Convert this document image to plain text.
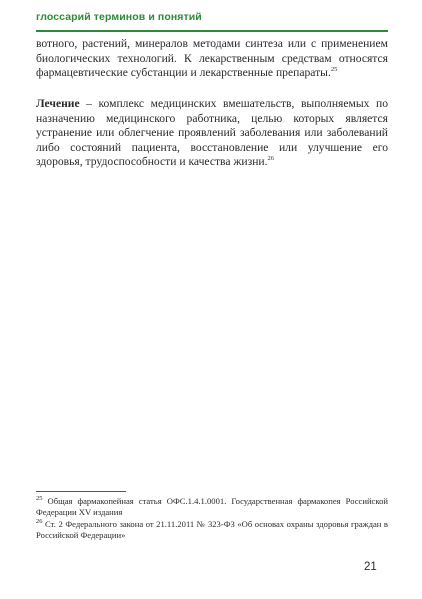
глоссарий терминов и понятий

вотного, растений, минералов методами синтеза или с применением биологических технологий. К лекарственным средствам относятся фармацевтические субстанции и лекарственные препараты.$^{25}$

Лечение – комплекс медицинских вмешательств, выполняемых по назначению медицинского работника, целью которых является устранение или облегчение проявлений заболевания или заболеваний либо состояний пациента, восстановление или улучшение его здоровья, трудоспособности и качества жизни.$^{26}$

$^{25}$ Общая фармакопейная статья ОФС.1.4.1.0001. Государственная фармакопея Российской Федерации XV издания

$^{26}$ Ст. 2 Федерального закона от 21.11.2011 № 323-ФЗ «Об основах охраны здоровья граждан в Российской Федерации»

21
